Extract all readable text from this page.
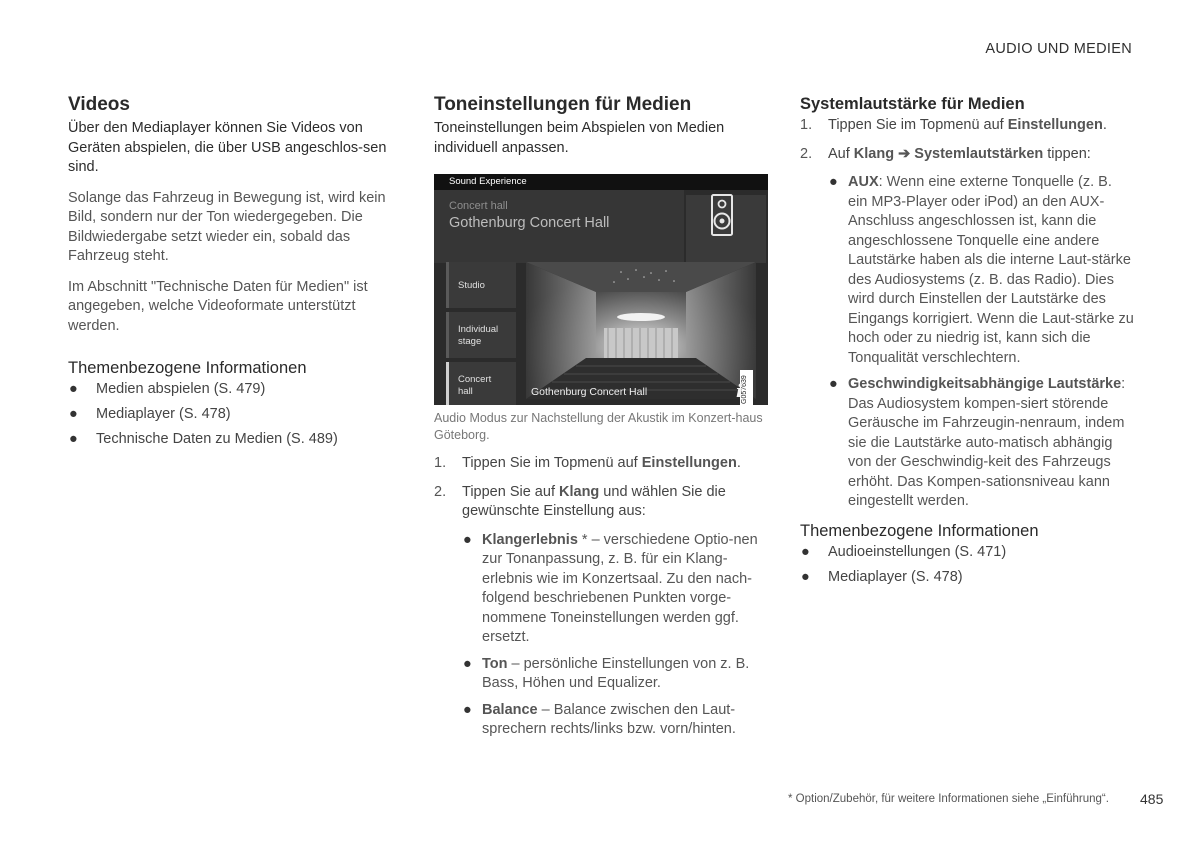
AUDIO UND MEDIEN
Videos

Über den Mediaplayer können Sie Videos von Geräten abspielen, die über USB angeschlos-sen sind.

Solange das Fahrzeug in Bewegung ist, wird kein Bild, sondern nur der Ton wiedergegeben. Die Bildwiedergabe setzt wieder ein, sobald das Fahrzeug steht.

Im Abschnitt "Technische Daten für Medien" ist angegeben, welche Videoformate unterstützt werden.

Themenbezogene Informationen
● Medien abspielen (S. 479)
● Mediaplayer (S. 478)
● Technische Daten zu Medien (S. 489)
Toneinstellungen für Medien

Toneinstellungen beim Abspielen von Medien individuell anpassen.

Sound Experience
Concert hall
Gothenburg Concert Hall
Studio
Individual
stage
Concert
hall	Gothenburg Concert Hall	G057639
i

Audio Modus zur Nachstellung der Akustik im Konzert-haus Göteborg.

1. Tippen Sie im Topmenü auf Einstellungen.
2. Tippen Sie auf Klang und wählen Sie die gewünschte Einstellung aus:
● Klangerlebnis * – verschiedene Optio-nen zur Tonanpassung, z. B. für ein Klang-erlebnis wie im Konzertsaal. Zu den nach-folgend beschriebenen Punkten vorge-nommene Toneinstellungen werden ggf. ersetzt.
● Ton – persönliche Einstellungen von z. B. Bass, Höhen und Equalizer.
● Balance – Balance zwischen den Laut-sprechern rechts/links bzw. vorn/hinten.
Systemlautstärke für Medien
1. Tippen Sie im Topmenü auf Einstellungen.
2. Auf Klang ➔ Systemlautstärken tippen:
● AUX: Wenn eine externe Tonquelle (z. B. ein MP3-Player oder iPod) an den AUX-Anschluss angeschlossen ist, kann die angeschlossene Tonquelle eine andere Lautstärke haben als die interne Laut-stärke des Audiosystems (z. B. das Radio). Dies wird durch Einstellen der Lautstärke des Eingangs korrigiert. Wenn die Laut-stärke zu hoch oder zu niedrig ist, kann sich die Tonqualität verschlechtern.
● Geschwindigkeitsabhängige Lautstärke: Das Audiosystem kompen-siert störende Geräusche im Fahrzeugin-nenraum, indem sie die Lautstärke auto-matisch abhängig von der Geschwindig-keit des Fahrzeugs erhöht. Das Kompen-sationsniveau kann eingestellt werden.
Themenbezogene Informationen
● Audioeinstellungen (S. 471)
● Mediaplayer (S. 478)
* Option/Zubehör, für weitere Informationen siehe „Einführung“. 485
